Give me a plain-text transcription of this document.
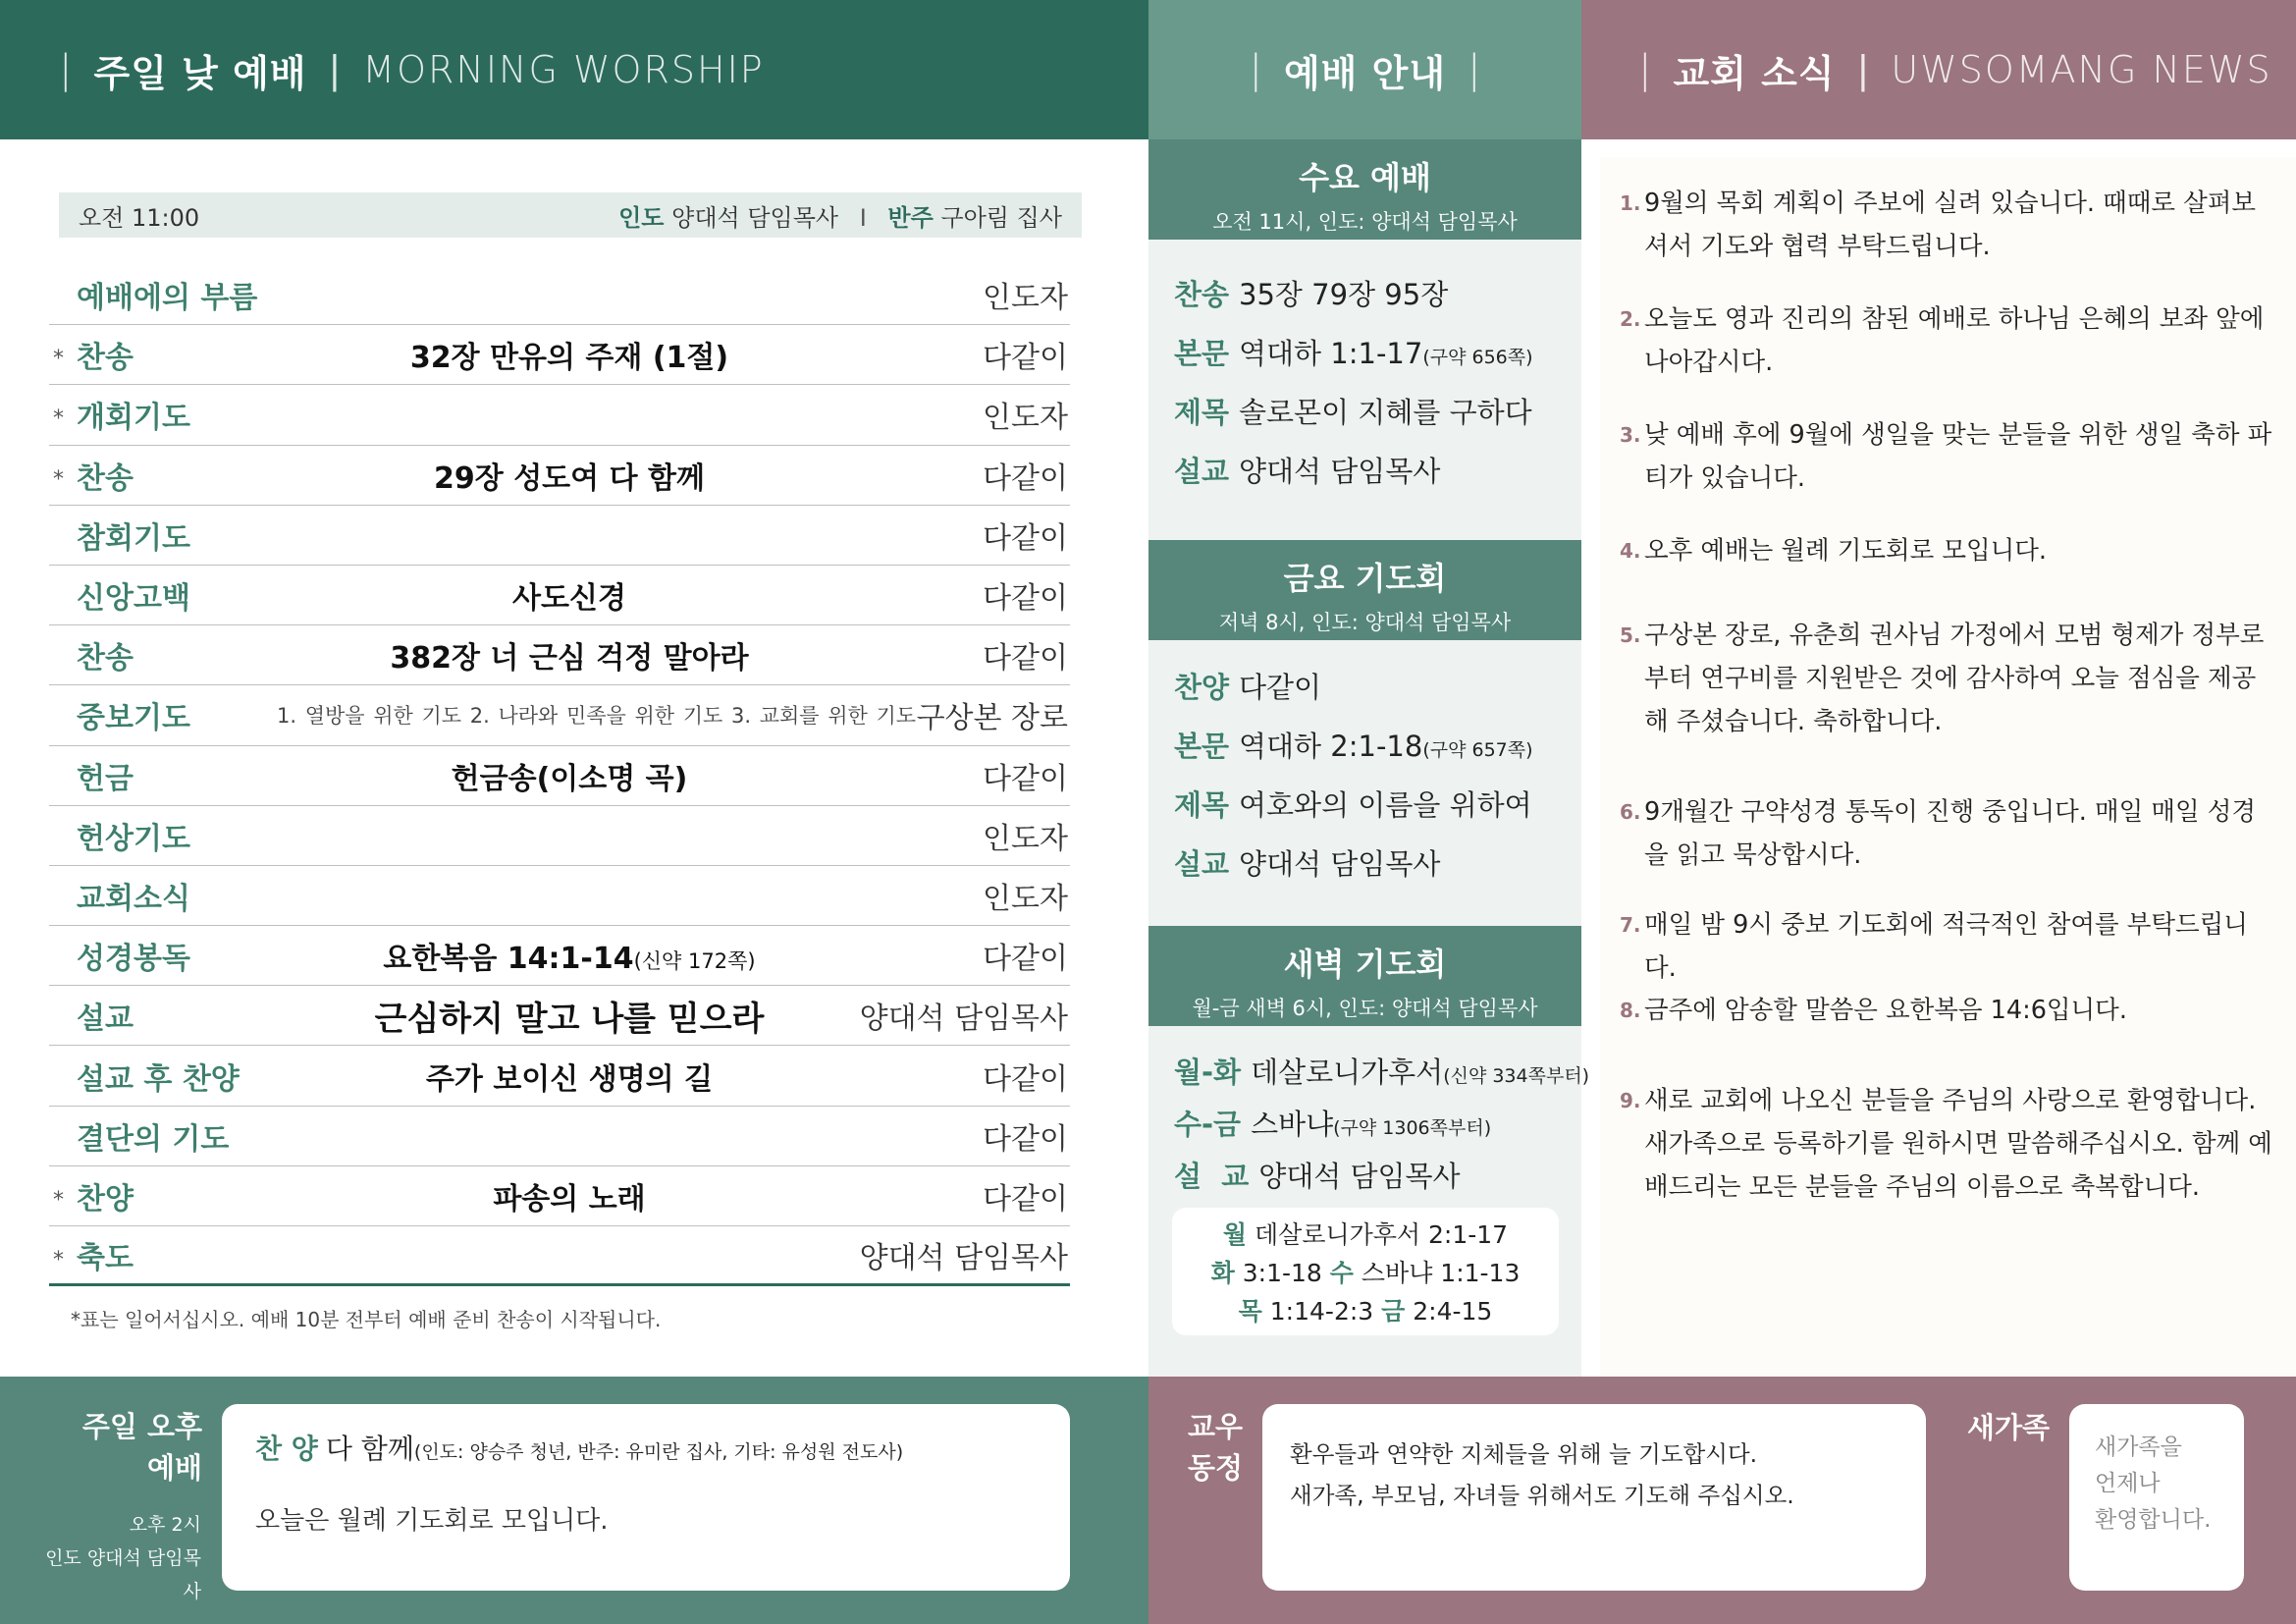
| 주일 낮 예배 | MORNING WORSHIP	| 예배 안내 |	| 교회 소식 | UWSOMANG NEWS
오전 11:00	인도 양대석 담임목사 I 반주 구아림 집사
예배에의 부름	인도자
* 찬송	32장 만유의 주재 (1절)	다같이
* 개회기도	인도자
* 찬송	29장 성도여 다 함께	다같이
참회기도	다같이
신앙고백	사도신경	다같이
찬송	382장 너 근심 걱정 말아라	다같이
중보기도	1. 열방을 위한 기도 2. 나라와 민족을 위한 기도 3. 교회를 위한 기도 구상본 장로
헌금	헌금송(이소명 곡)	다같이
헌상기도	인도자
교회소식	인도자
성경봉독	요한복음 14:1-14(신약 172쪽)	다같이
설교	근심하지 말고 나를 믿으라	양대석 담임목사
설교 후 찬양	주가 보이신 생명의 길	다같이
결단의 기도	다같이
* 찬양	파송의 노래	다같이
* 축도	양대석 담임목사
*표는 일어서십시오. 예배 10분 전부터 예배 준비 찬송이 시작됩니다.
수요 예배
오전 11시, 인도: 양대석 담임목사
찬송 35장 79장 95장
본문 역대하 1:1-17(구약 656쪽)
제목 솔로몬이 지혜를 구하다
설교 양대석 담임목사
금요 기도회
저녁 8시, 인도: 양대석 담임목사
찬양 다같이
본문 역대하 2:1-18(구약 657쪽)
제목 여호와의 이름을 위하여
설교 양대석 담임목사
새벽 기도회
월-금 새벽 6시, 인도: 양대석 담임목사
월-화 데살로니가후서(신약 334쪽부터)
수-금 스바냐(구약 1306쪽부터)
설  교 양대석 담임목사
월 데살로니가후서 2:1-17
화 3:1-18 수 스바냐 1:1-13
목 1:14-2:3 금 2:4-15
1. 9월의 목회 계획이 주보에 실려 있습니다. 때때로 살펴보셔서 기도와 협력 부탁드립니다.
2. 오늘도 영과 진리의 참된 예배로 하나님 은혜의 보좌 앞에 나아갑시다.
3. 낮 예배 후에 9월에 생일을 맞는 분들을 위한 생일 축하 파티가 있습니다.
4. 오후 예배는 월례 기도회로 모입니다.
5. 구상본 장로, 유춘희 권사님 가정에서 모범 형제가 정부로부터 연구비를 지원받은 것에 감사하여 오늘 점심을 제공해 주셨습니다. 축하합니다.
6. 9개월간 구약성경 통독이 진행 중입니다. 매일 매일 성경을 읽고 묵상합시다.
7. 매일 밤 9시 중보 기도회에 적극적인 참여를 부탁드립니다.
8. 금주에 암송할 말씀은 요한복음 14:6입니다.
9. 새로 교회에 나오신 분들을 주님의 사랑으로 환영합니다. 새가족으로 등록하기를 원하시면 말씀해주십시오. 함께 예배드리는 모든 분들을 주님의 이름으로 축복합니다.
주일 오후
예배
오후 2시
인도 양대석 담임목사
찬 양 다 함께(인도: 양승주 청년, 반주: 유미란 집사, 기타: 유성원 전도사)
오늘은 월례 기도회로 모입니다.
교우
동정	환우들과 연약한 지체들을 위해 늘 기도합시다.
새가족, 부모님, 자녀들 위해서도 기도해 주십시오.
새가족
새가족을
언제나
환영합니다.
